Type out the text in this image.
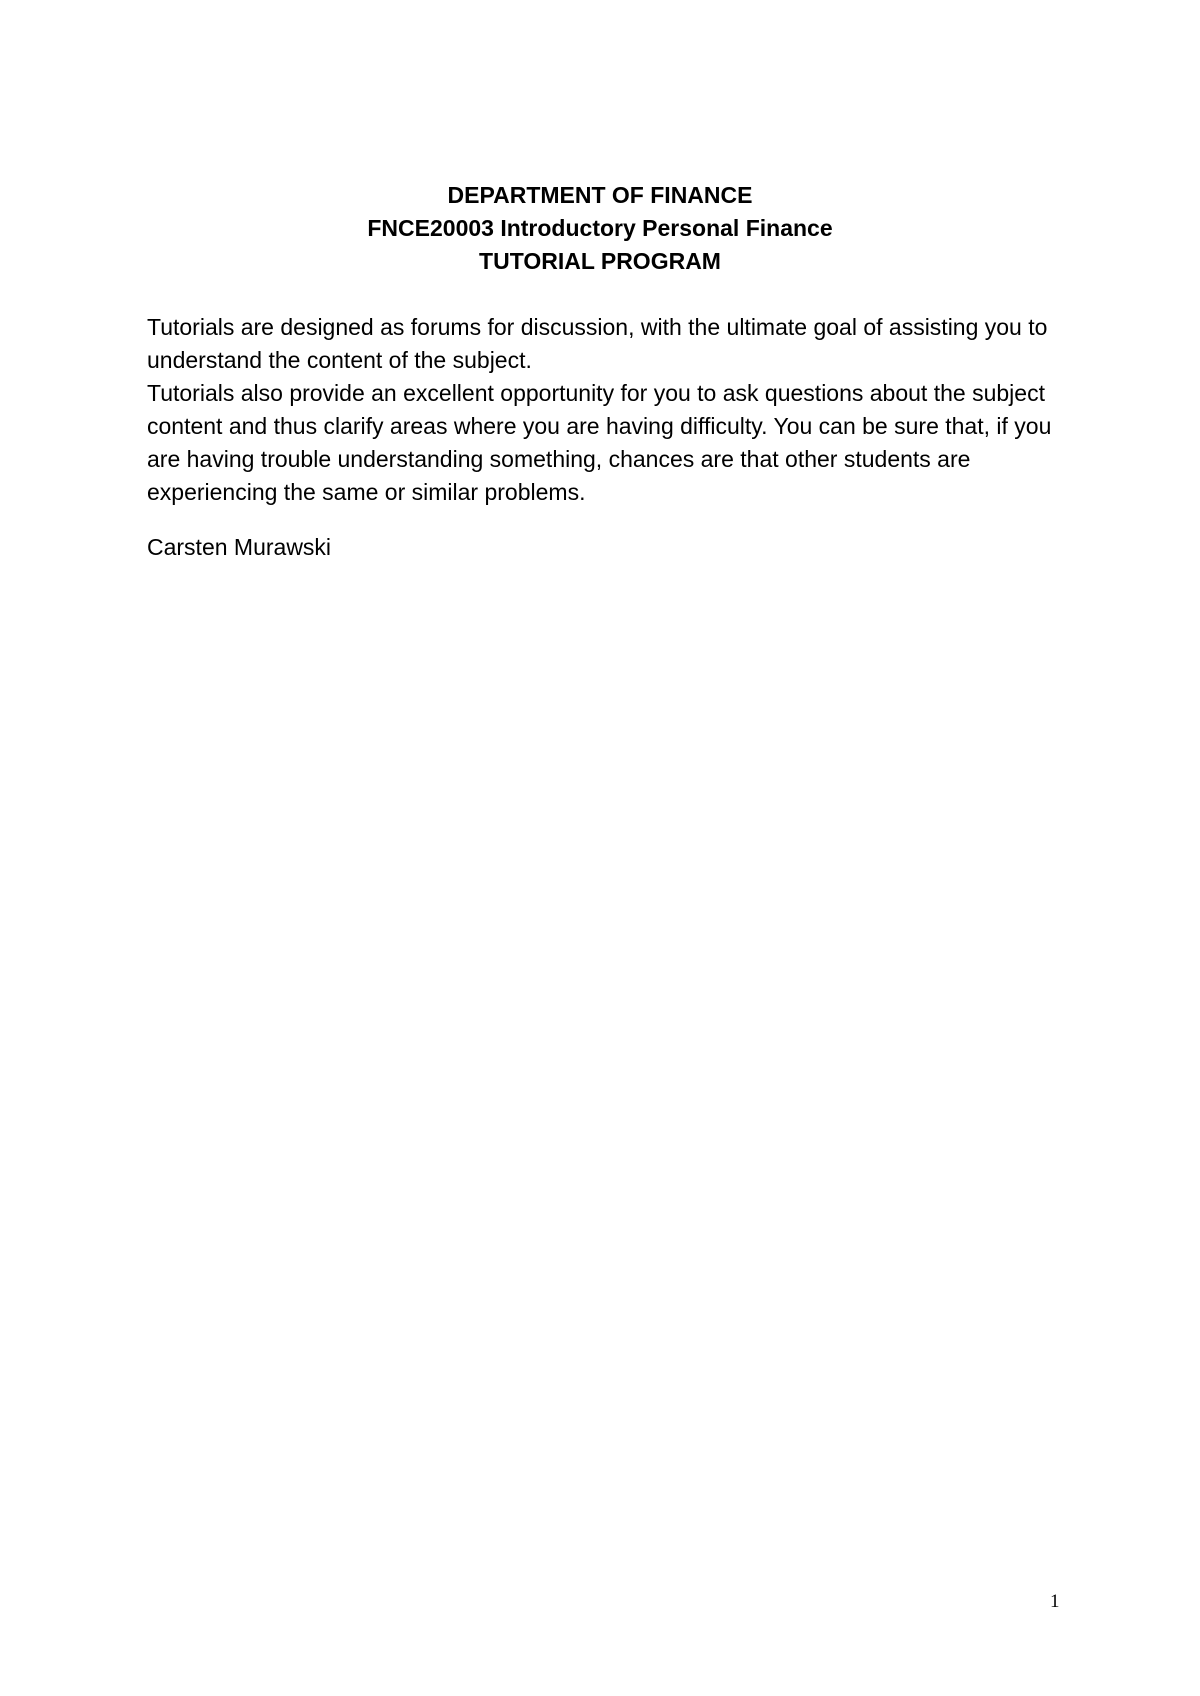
DEPARTMENT OF FINANCE
FNCE20003 Introductory Personal Finance
TUTORIAL PROGRAM

Tutorials are designed as forums for discussion, with the ultimate goal of assisting you to understand the content of the subject.

Tutorials also provide an excellent opportunity for you to ask questions about the subject content and thus clarify areas where you are having difficulty. You can be sure that, if you are having trouble understanding something, chances are that other students are experiencing the same or similar problems.

Carsten Murawski
1
